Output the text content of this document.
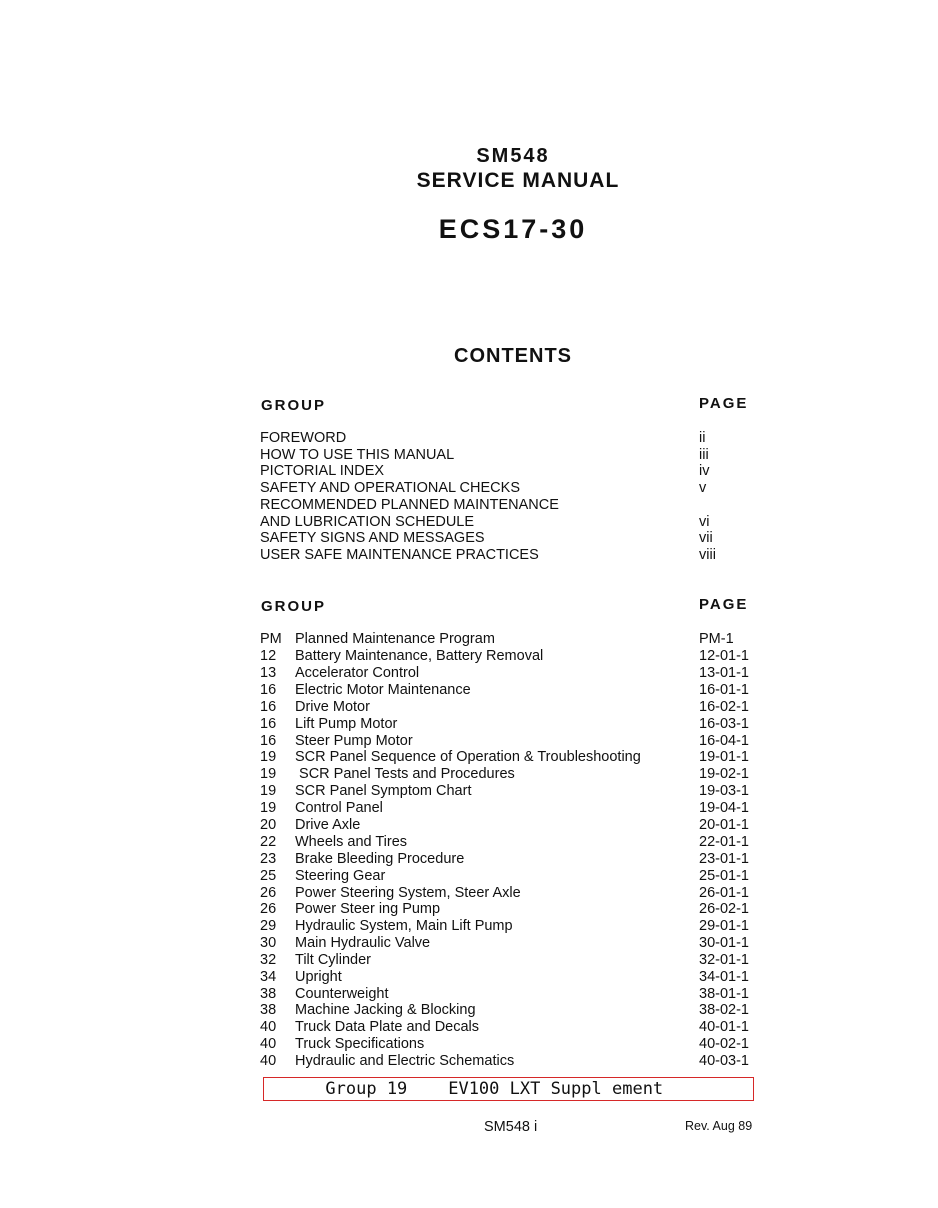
SM548
SERVICE MANUAL
ECS17-30
CONTENTS
GROUP	PAGE
FOREWORD	ii
HOW TO USE THIS MANUAL	iii
PICTORIAL INDEX	iv
SAFETY AND OPERATIONAL CHECKS	v
RECOMMENDED PLANNED MAINTENANCE
AND LUBRICATION SCHEDULE	vi
SAFETY SIGNS AND MESSAGES	vii
USER SAFE MAINTENANCE PRACTICES	viii
GROUP	PAGE
PM Planned Maintenance Program	PM-1
12	Battery Maintenance, Battery Removal	12-01-1
13	Accelerator Control	13-01-1
16	Electric Motor Maintenance	16-01-1
16	Drive Motor	16-02-1
16	Lift Pump Motor	16-03-1
16	Steer Pump Motor	16-04-1
19	SCR Panel Sequence of Operation & Troubleshooting	19-01-1
19	SCR Panel Tests and Procedures	19-02-1
19	SCR Panel Symptom Chart	19-03-1
19	Control Panel	19-04-1
20	Drive Axle	20-01-1
22	Wheels and Tires	22-01-1
23	Brake Bleeding Procedure	23-01-1
25	Steering Gear	25-01-1
26	Power Steering System, Steer Axle	26-01-1
26	Power Steer ing Pump	26-02-1
29	Hydraulic System, Main Lift Pump	29-01-1
30	Main Hydraulic Valve	30-01-1
32	Tilt Cylinder	32-01-1
34	Upright	34-01-1
38	Counterweight	38-01-1
38	Machine Jacking & Blocking	38-02-1
40	Truck Data Plate and Decals	40-01-1
40	Truck Specifications	40-02-1
40	Hydraulic and Electric Schematics	40-03-1
Group 19    EV100 LXT Suppl ement
SM548 i	Rev. Aug 89
